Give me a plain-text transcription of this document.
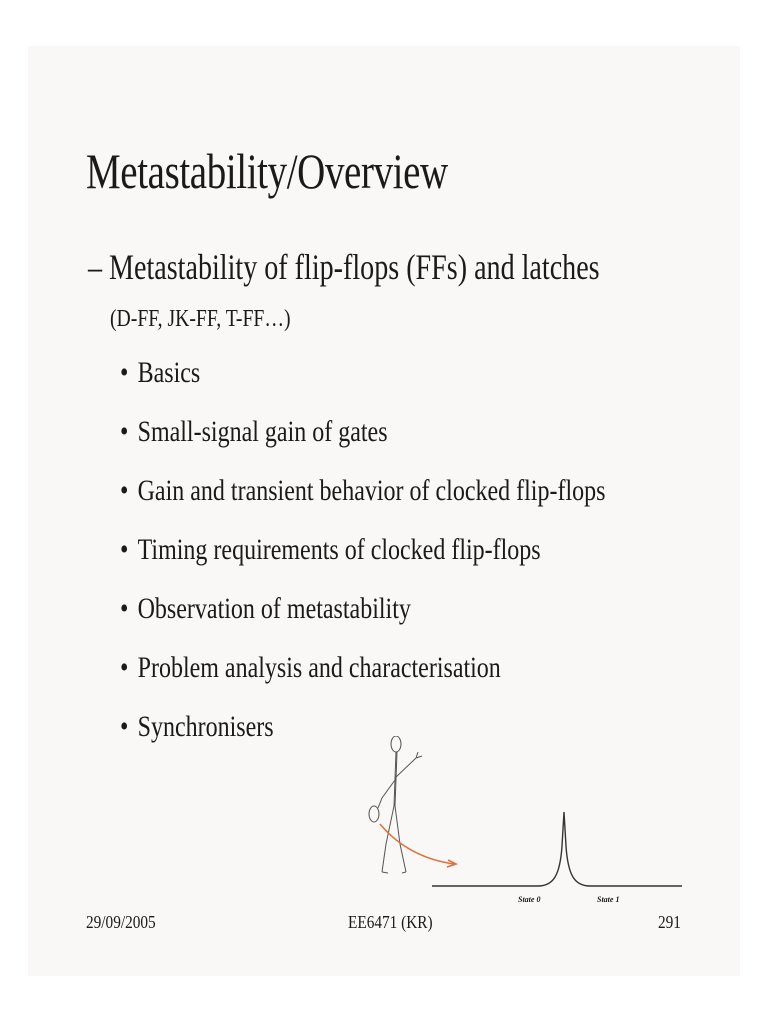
Metastability/Overview
– Metastability of flip-flops (FFs) and latches
(D-FF, JK-FF, T-FF…)
• Basics
• Small-signal gain of gates
• Gain and transient behavior of clocked flip-flops
• Timing requirements of clocked flip-flops
• Observation of metastability
• Problem analysis and characterisation
• Synchronisers
State 0	State 1
29/09/2005	EE6471 (KR)	291
